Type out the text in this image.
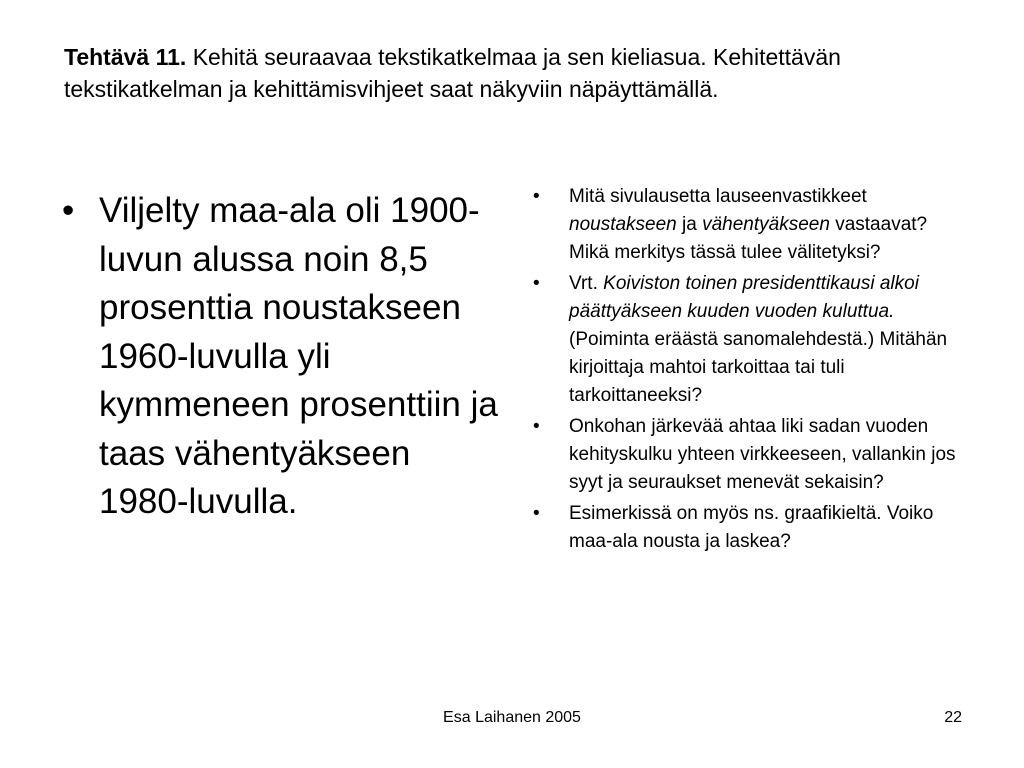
Tehtävä 11. Kehitä seuraavaa tekstikatkelmaa ja sen kieliasua. Kehitettävän tekstikatkelman ja kehittämisvihjeet saat näkyviin näpäyttämällä.
• Viljelty maa-ala oli 1900-luvun alussa noin 8,5 prosenttia noustakseen 1960-luvulla yli kymmeneen prosenttiin ja taas vähentyäkseen 1980-luvulla.
•	Mitä sivulausetta lauseenvastikkeet noustakseen ja vähentyäkseen vastaavat? Mikä merkitys tässä tulee välitetyksi?
•	Vrt. Koiviston toinen presidenttikausi alkoi päättyäkseen kuuden vuoden kuluttua. (Poiminta eräästä sanomalehdestä.) Mitähän kirjoittaja mahtoi tarkoittaa tai tuli tarkoittaneeksi?
•	Onkohan järkevää ahtaa liki sadan vuoden kehityskulku yhteen virkkeeseen, vallankin jos syyt ja seuraukset menevät sekaisin?
•	Esimerkissä on myös ns. graafikieltä. Voiko maa-ala nousta ja laskea?
Esa Laihanen 2005	22
